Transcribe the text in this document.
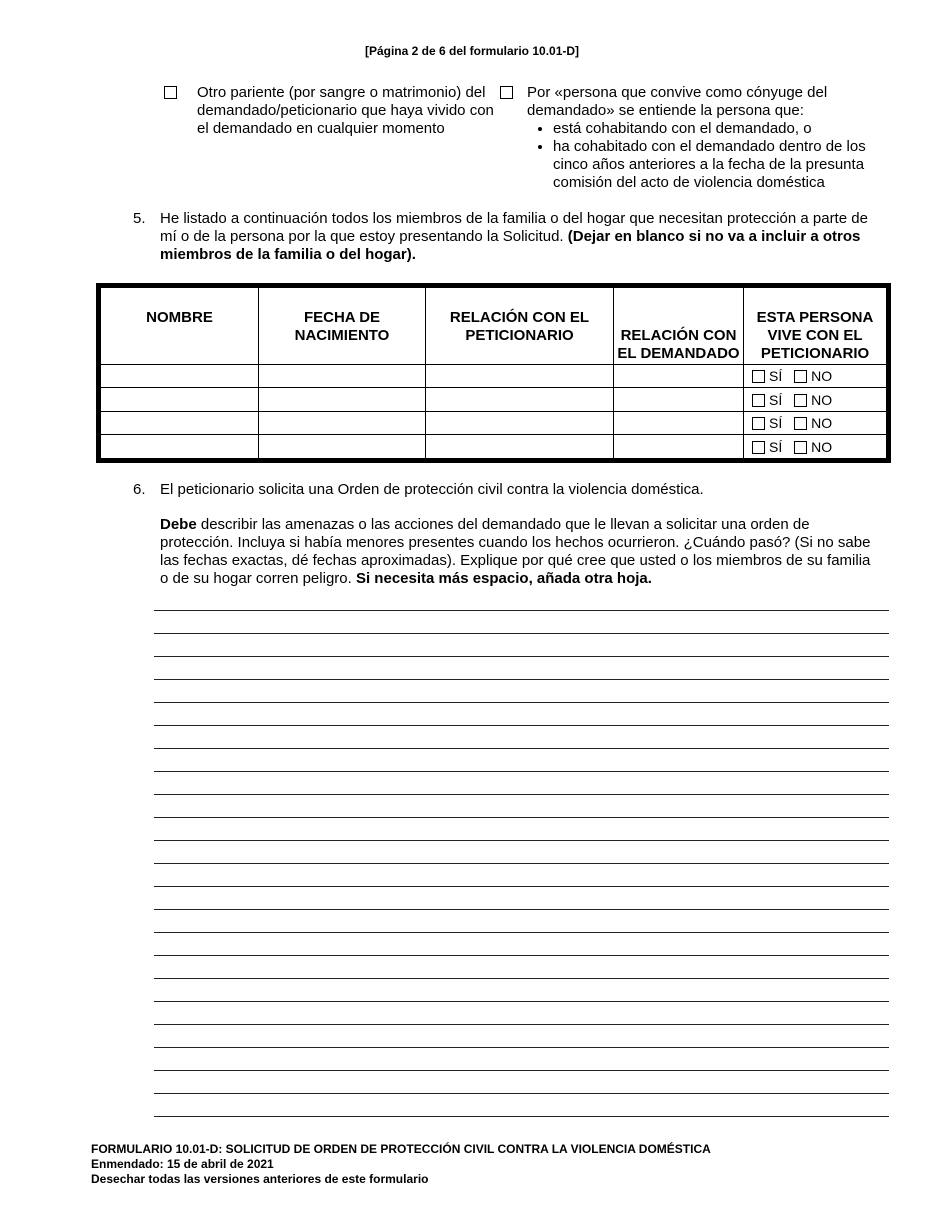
[Página 2 de 6 del formulario 10.01-D]
Otro pariente (por sangre o matrimonio) del demandado/peticionario que haya vivido con el demandado en cualquier momento
Por «persona que convive como cónyuge del demandado» se entiende la persona que:
• está cohabitando con el demandado, o
• ha cohabitado con el demandado dentro de los cinco años anteriores a la fecha de la presunta comisión del acto de violencia doméstica
5. He listado a continuación todos los miembros de la familia o del hogar que necesitan protección a parte de mí o de la persona por la que estoy presentando la Solicitud. (Dejar en blanco si no va a incluir a otros miembros de la familia o del hogar).
NOMBRE	FECHA DE NACIMIENTO	RELACIÓN CON EL PETICIONARIO	RELACIÓN CON EL DEMANDADO	ESTA PERSONA VIVE CON EL PETICIONARIO

				SÍ NO
				SÍ NO
				SÍ NO
				SÍ NO
6. El peticionario solicita una Orden de protección civil contra la violencia doméstica.

Debe describir las amenazas o las acciones del demandado que le llevan a solicitar una orden de protección. Incluya si había menores presentes cuando los hechos ocurrieron. ¿Cuándo pasó? (Si no sabe las fechas exactas, dé fechas aproximadas). Explique por qué cree que usted o los miembros de su familia o de su hogar corren peligro. Si necesita más espacio, añada otra hoja.

FORMULARIO 10.01-D: SOLICITUD DE ORDEN DE PROTECCIÓN CIVIL CONTRA LA VIOLENCIA DOMÉSTICA
Enmendado: 15 de abril de 2021
Desechar todas las versiones anteriores de este formulario
